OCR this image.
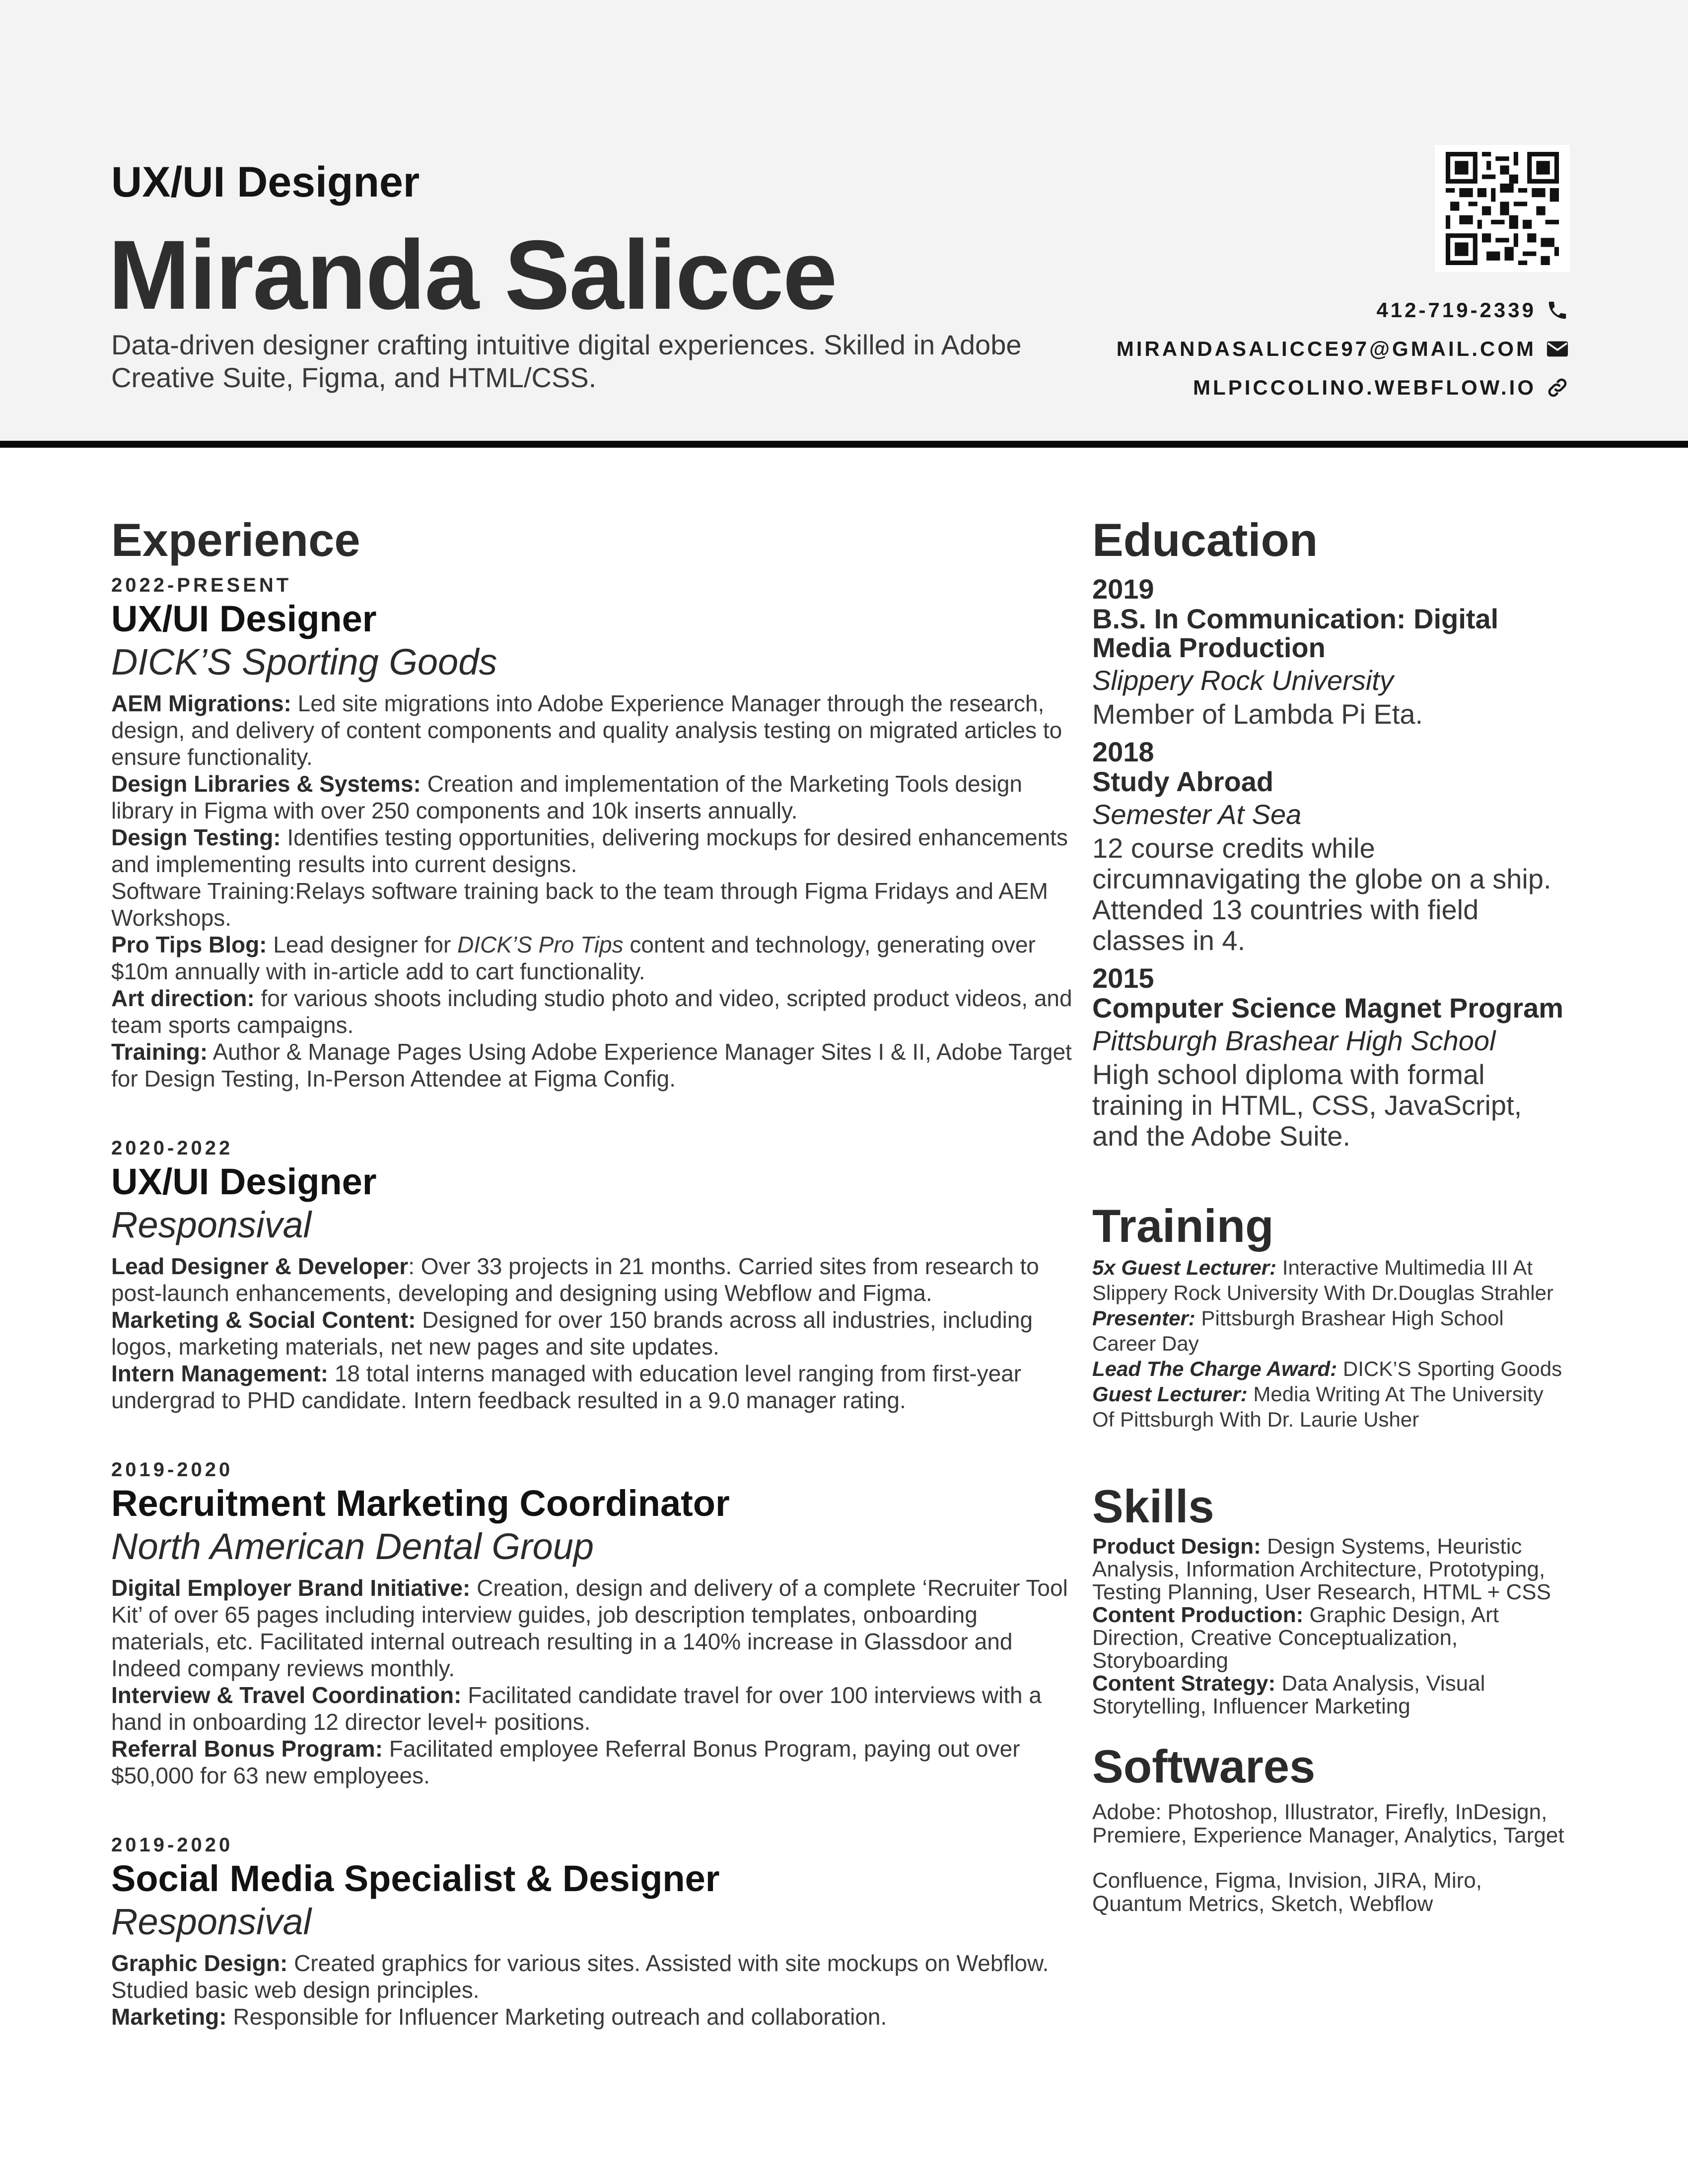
UX/UI Designer
Miranda Salicce
Data-driven designer crafting intuitive digital experiences. Skilled in Adobe Creative Suite, Figma, and HTML/CSS.
412-719-2339
MIRANDASALICCE97@GMAIL.COM
MLPICCOLINO.WEBFLOW.IO
Experience
2022-PRESENT
UX/UI Designer
DICK’S Sporting Goods
AEM Migrations: Led site migrations into Adobe Experience Manager through the research, design, and delivery of content components and quality analysis testing on migrated articles to ensure functionality.
Design Libraries & Systems: Creation and implementation of the Marketing Tools design library in Figma with over 250 components and 10k inserts annually.
Design Testing: Identifies testing opportunities, delivering mockups for desired enhancements and implementing results into current designs.
Software Training:Relays software training back to the team through Figma Fridays and AEM Workshops.
Pro Tips Blog: Lead designer for DICK’S Pro Tips content and technology, generating over $10m annually with in-article add to cart functionality.
Art direction: for various shoots including studio photo and video, scripted product videos, and team sports campaigns.
Training: Author & Manage Pages Using Adobe Experience Manager Sites I & II, Adobe Target for Design Testing, In-Person Attendee at Figma Config.
2020-2022
UX/UI Designer
Responsival
Lead Designer & Developer: Over 33 projects in 21 months. Carried sites from research to post-launch enhancements, developing and designing using Webflow and Figma.
Marketing & Social Content: Designed for over 150 brands across all industries, including logos, marketing materials, net new pages and site updates.
Intern Management: 18 total interns managed with education level ranging from first-year undergrad to PHD candidate. Intern feedback resulted in a 9.0 manager rating.
2019-2020
Recruitment Marketing Coordinator
North American Dental Group
Digital Employer Brand Initiative: Creation, design and delivery of a complete ‘Recruiter Tool Kit’ of over 65 pages including interview guides, job description templates, onboarding materials, etc. Facilitated internal outreach resulting in a 140% increase in Glassdoor and Indeed company reviews monthly.
Interview & Travel Coordination: Facilitated candidate travel for over 100 interviews with a hand in onboarding 12 director level+ positions.
Referral Bonus Program: Facilitated employee Referral Bonus Program, paying out over $50,000 for 63 new employees.
2019-2020
Social Media Specialist & Designer
Responsival
Graphic Design: Created graphics for various sites. Assisted with site mockups on Webflow. Studied basic web design principles.
Marketing: Responsible for Influencer Marketing outreach and collaboration.
Education
2019
B.S. In Communication: Digital Media Production
Slippery Rock University
Member of Lambda Pi Eta.
2018
Study Abroad
Semester At Sea
12 course credits while circumnavigating the globe on a ship. Attended 13 countries with field classes in 4.
2015
Computer Science Magnet Program
Pittsburgh Brashear High School
High school diploma with formal training in HTML, CSS, JavaScript, and the Adobe Suite.
Training
5x Guest Lecturer: Interactive Multimedia III At Slippery Rock University With Dr.Douglas Strahler
Presenter: Pittsburgh Brashear High School Career Day
Lead The Charge Award: DICK’S Sporting Goods
Guest Lecturer: Media Writing At The University Of Pittsburgh With Dr. Laurie Usher
Skills
Product Design: Design Systems, Heuristic Analysis, Information Architecture, Prototyping, Testing Planning, User Research, HTML + CSS
Content Production: Graphic Design, Art Direction, Creative Conceptualization, Storyboarding
Content Strategy: Data Analysis, Visual Storytelling, Influencer Marketing
Softwares
Adobe: Photoshop, Illustrator, Firefly, InDesign, Premiere, Experience Manager, Analytics, Target
Confluence, Figma, Invision, JIRA, Miro, Quantum Metrics, Sketch, Webflow
